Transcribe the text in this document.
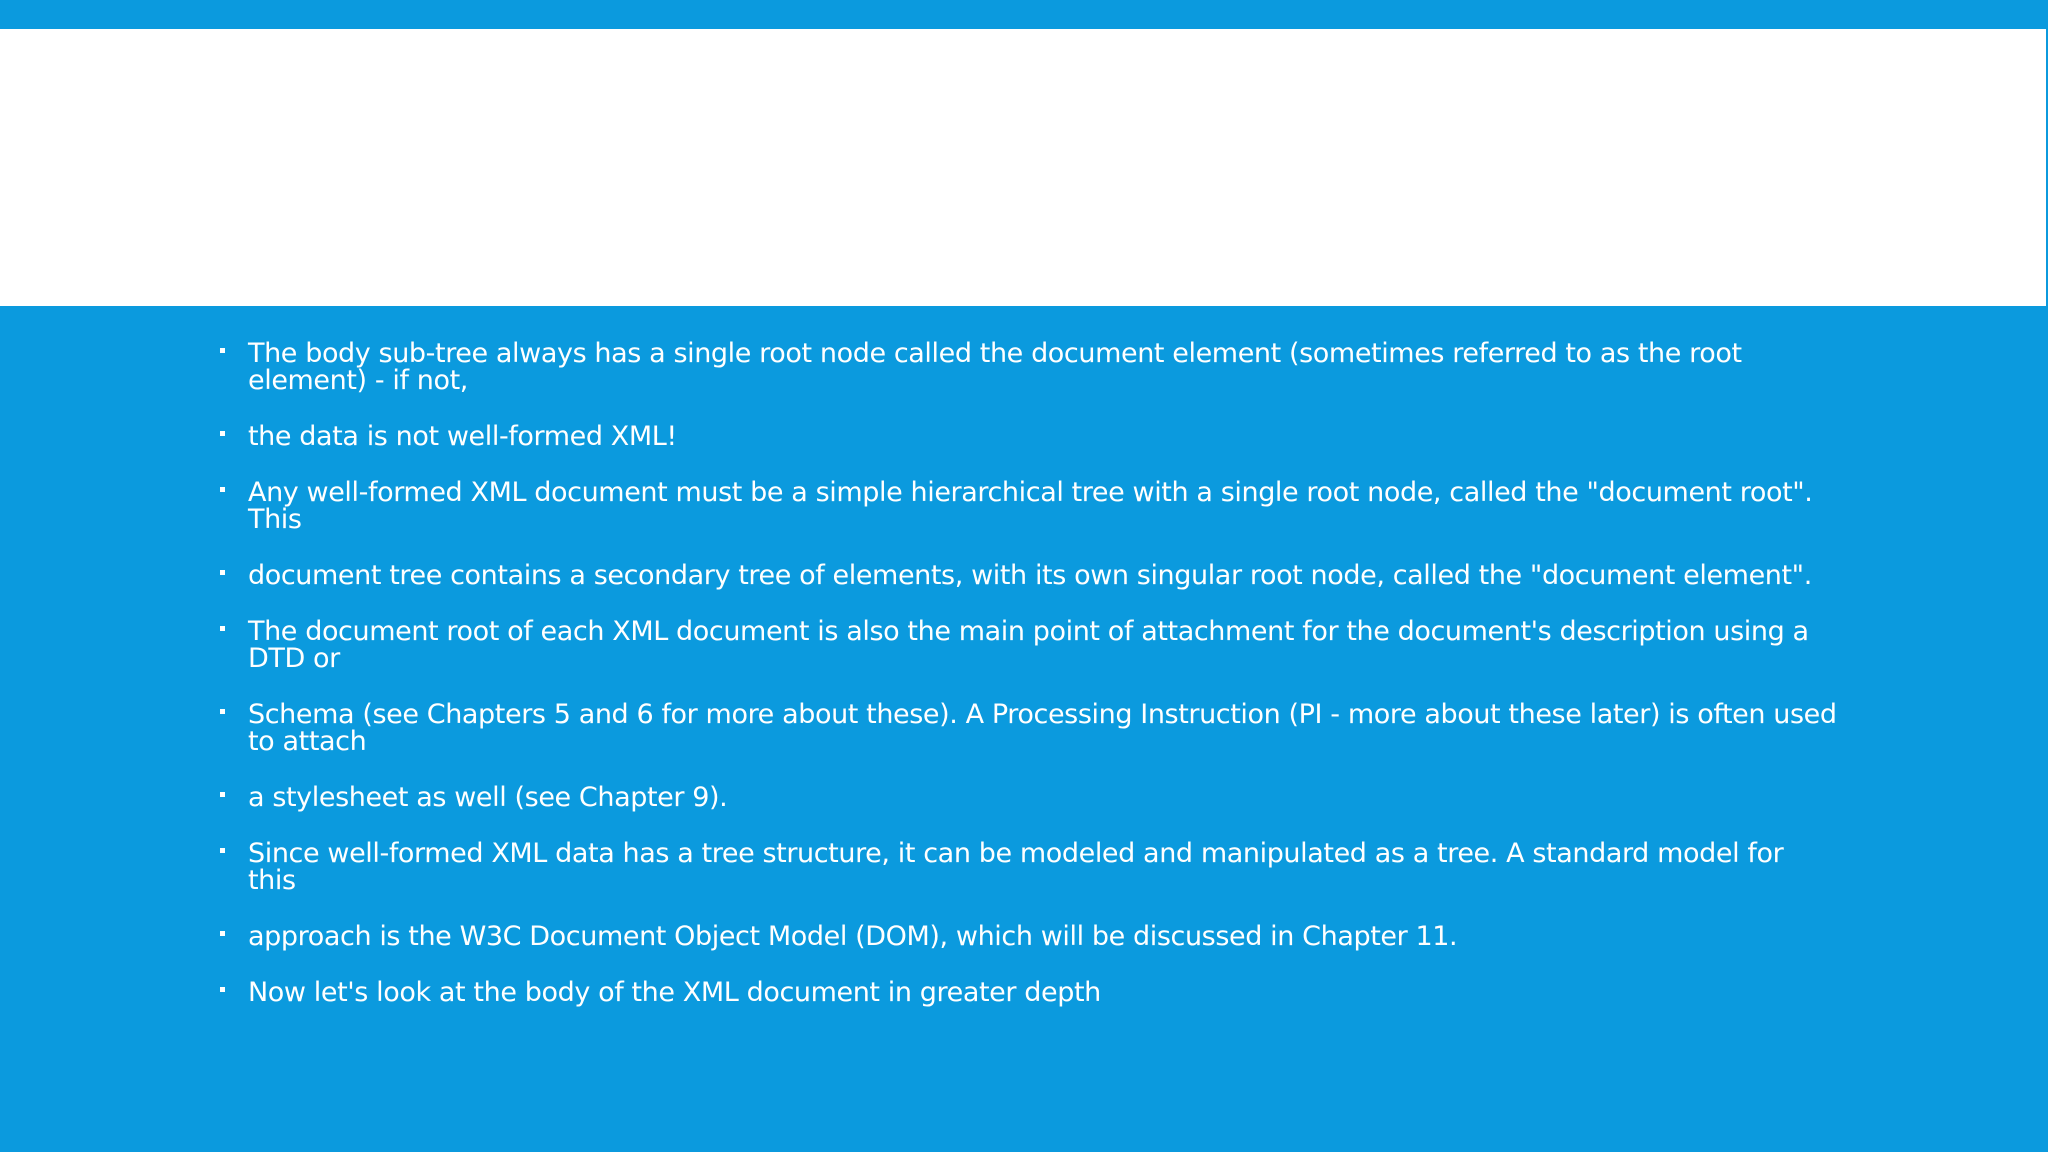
The body sub-tree always has a single root node called the document element (sometimes referred to as the root element) - if not,
the data is not well-formed XML!
Any well-formed XML document must be a simple hierarchical tree with a single root node, called the "document root". This
document tree contains a secondary tree of elements, with its own singular root node, called the "document element".
The document root of each XML document is also the main point of attachment for the document's description using a DTD or
Schema (see Chapters 5 and 6 for more about these). A Processing Instruction (PI - more about these later) is often used to attach
a stylesheet as well (see Chapter 9).
Since well-formed XML data has a tree structure, it can be modeled and manipulated as a tree. A standard model for this
approach is the W3C Document Object Model (DOM), which will be discussed in Chapter 11.
Now let's look at the body of the XML document in greater depth
